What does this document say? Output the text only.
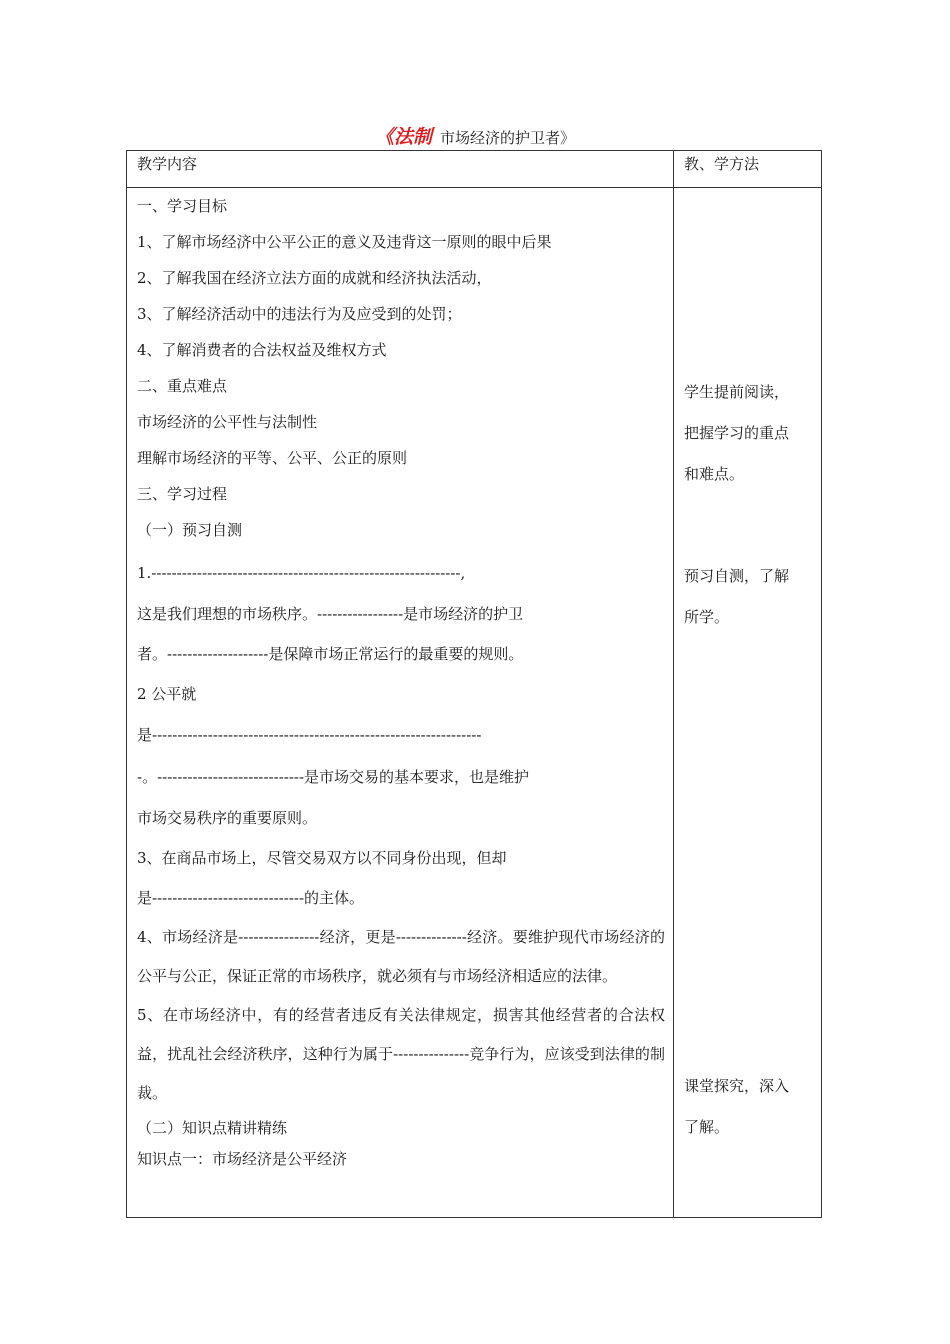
《法制 市场经济的护卫者》
教学内容	教、学方法

一、学习目标

1、了解市场经济中公平公正的意义及违背这一原则的眼中后果

2、了解我国在经济立法方面的成就和经济执法活动，

3、了解经济活动中的违法行为及应受到的处罚；

4、了解消费者的合法权益及维权方式

二、重点难点

市场经济的公平性与法制性

理解市场经济的平等、公平、公正的原则

三、学习过程

（一）预习自测

1.-------------------------------------------------------------,

这是我们理想的市场秩序。-----------------是市场经济的护卫

者。--------------------是保障市场正常运行的最重要的规则。

2 公平就

是-----------------------------------------------------------------

-。-----------------------------是市场交易的基本要求，也是维护

市场交易秩序的重要原则。

3、在商品市场上，尽管交易双方以不同身份出现，但却

是------------------------------的主体。

4、市场经济是----------------经济，更是--------------经济。要维护现代市场经济的公平与公正，保证正常的市场秩序，就必须有与市场经济相适应的法律。

5、在市场经济中，有的经营者违反有关法律规定，损害其他经营者的合法权益，扰乱社会经济秩序，这种行为属于---------------竞争行为，应该受到法律的制裁。

（二）知识点精讲精练

知识点一：市场经济是公平经济

学生提前阅读，

把握学习的重点

和难点。

预习自测，了解

所学。

课堂探究，深入

了解。
